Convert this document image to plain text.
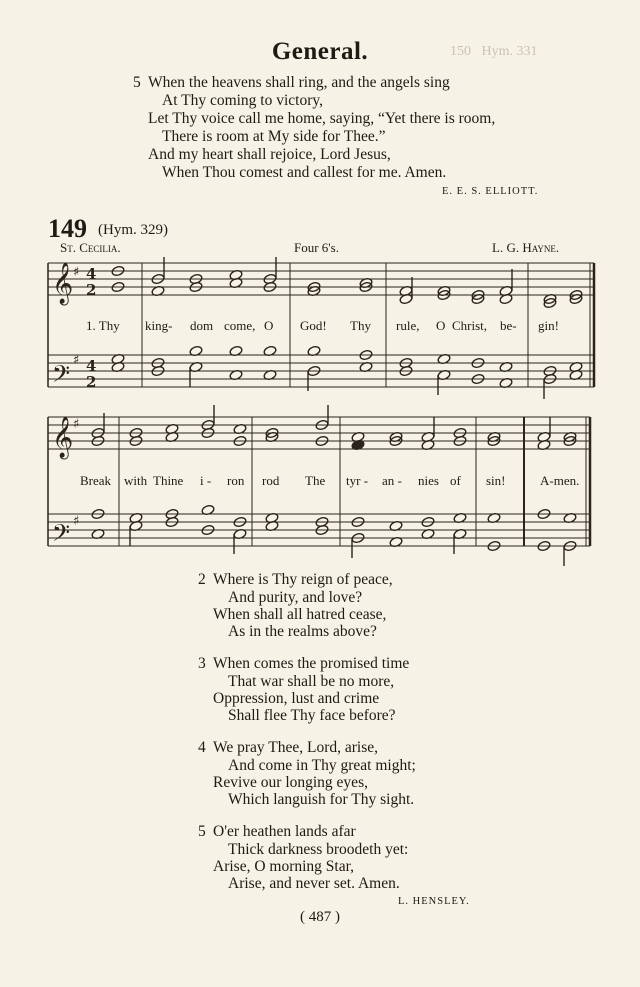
150   Hym. 331
General.
5 When the heavens shall ring, and the angels sing
At Thy coming to victory,
Let Thy voice call me home, saying, “Yet there is room,
There is room at My side for Thee.”
And my heart shall rejoice, Lord Jesus,
When Thou comest and callest for me. Amen.
E. E. S. ELLIOTT.
149 (Hym. 329)
St. Cecilia.	Four 6's.	L. G. Hayne.
𝄞
𝄢
𝄞
𝄢
♯
♯
♯
♯
4
2
4
2
1. Thy king- dom come, O God! Thy rule, O Christ, be- gin!
Break with Thine i - ron rod The tyr - an - nies of sin!	A-men.
2 Where is Thy reign of peace,
And purity, and love?
When shall all hatred cease,
As in the realms above?
3 When comes the promised time
That war shall be no more,
Oppression, lust and crime
Shall flee Thy face before?
4 We pray Thee, Lord, arise,
And come in Thy great might;
Revive our longing eyes,
Which languish for Thy sight.
5 O'er heathen lands afar
Thick darkness broodeth yet:
Arise, O morning Star,
Arise, and never set. Amen.
L. HENSLEY.
( 487 )
